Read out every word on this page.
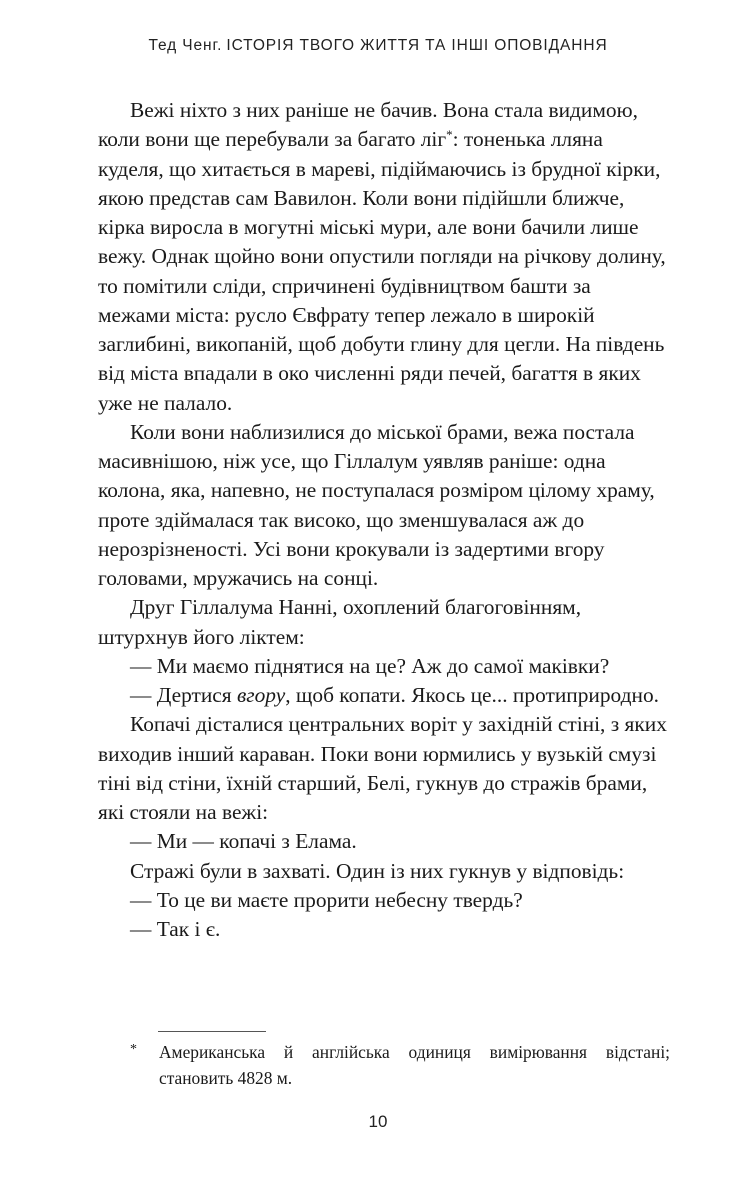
Тед Ченг. ІСТОРІЯ ТВОГО ЖИТТЯ ТА ІНШІ ОПОВІДАННЯ

Вежі ніхто з них раніше не бачив. Вона стала видимою, коли вони ще перебували за багато ліг*: тоненька лляна куделя, що хитається в мареві, підіймаючись із брудної кірки, якою представ сам Вавилон. Коли вони підійшли ближче, кірка виросла в могутні міські мури, але вони бачили лише вежу. Однак щойно вони опустили погляди на річкову долину, то помітили сліди, спричинені будівництвом башти за межами міста: русло Євфрату тепер лежало в широкій заглибині, викопаній, щоб добути глину для цегли. На південь від міста впадали в око численні ряди печей, багаття в яких уже не палало.

Коли вони наблизилися до міської брами, вежа постала масивнішою, ніж усе, що Гіллалум уявляв раніше: одна колона, яка, напевно, не поступалася розміром цілому храму, проте здіймалася так високо, що зменшувалася аж до нерозрізненості. Усі вони крокували із задертими вгору головами, мружачись на сонці.

Друг Гіллалума Нанні, охоплений благоговінням, штурхнув його ліктем:

— Ми маємо піднятися на це? Аж до самої маківки?

— Дертися вгору, щоб копати. Якось це... протиприродно.

Копачі дісталися центральних воріт у західній стіні, з яких виходив інший караван. Поки вони юрмились у вузькій смузі тіні від стіни, їхній старший, Белі, гукнув до стражів брами, які стояли на вежі:

— Ми — копачі з Елама.

Стражі були в захваті. Один із них гукнув у відповідь:

— То це ви маєте прорити небесну твердь?

— Так і є.

* Американська й англійська одиниця вимірювання відстані;
становить 4828 м.
10
